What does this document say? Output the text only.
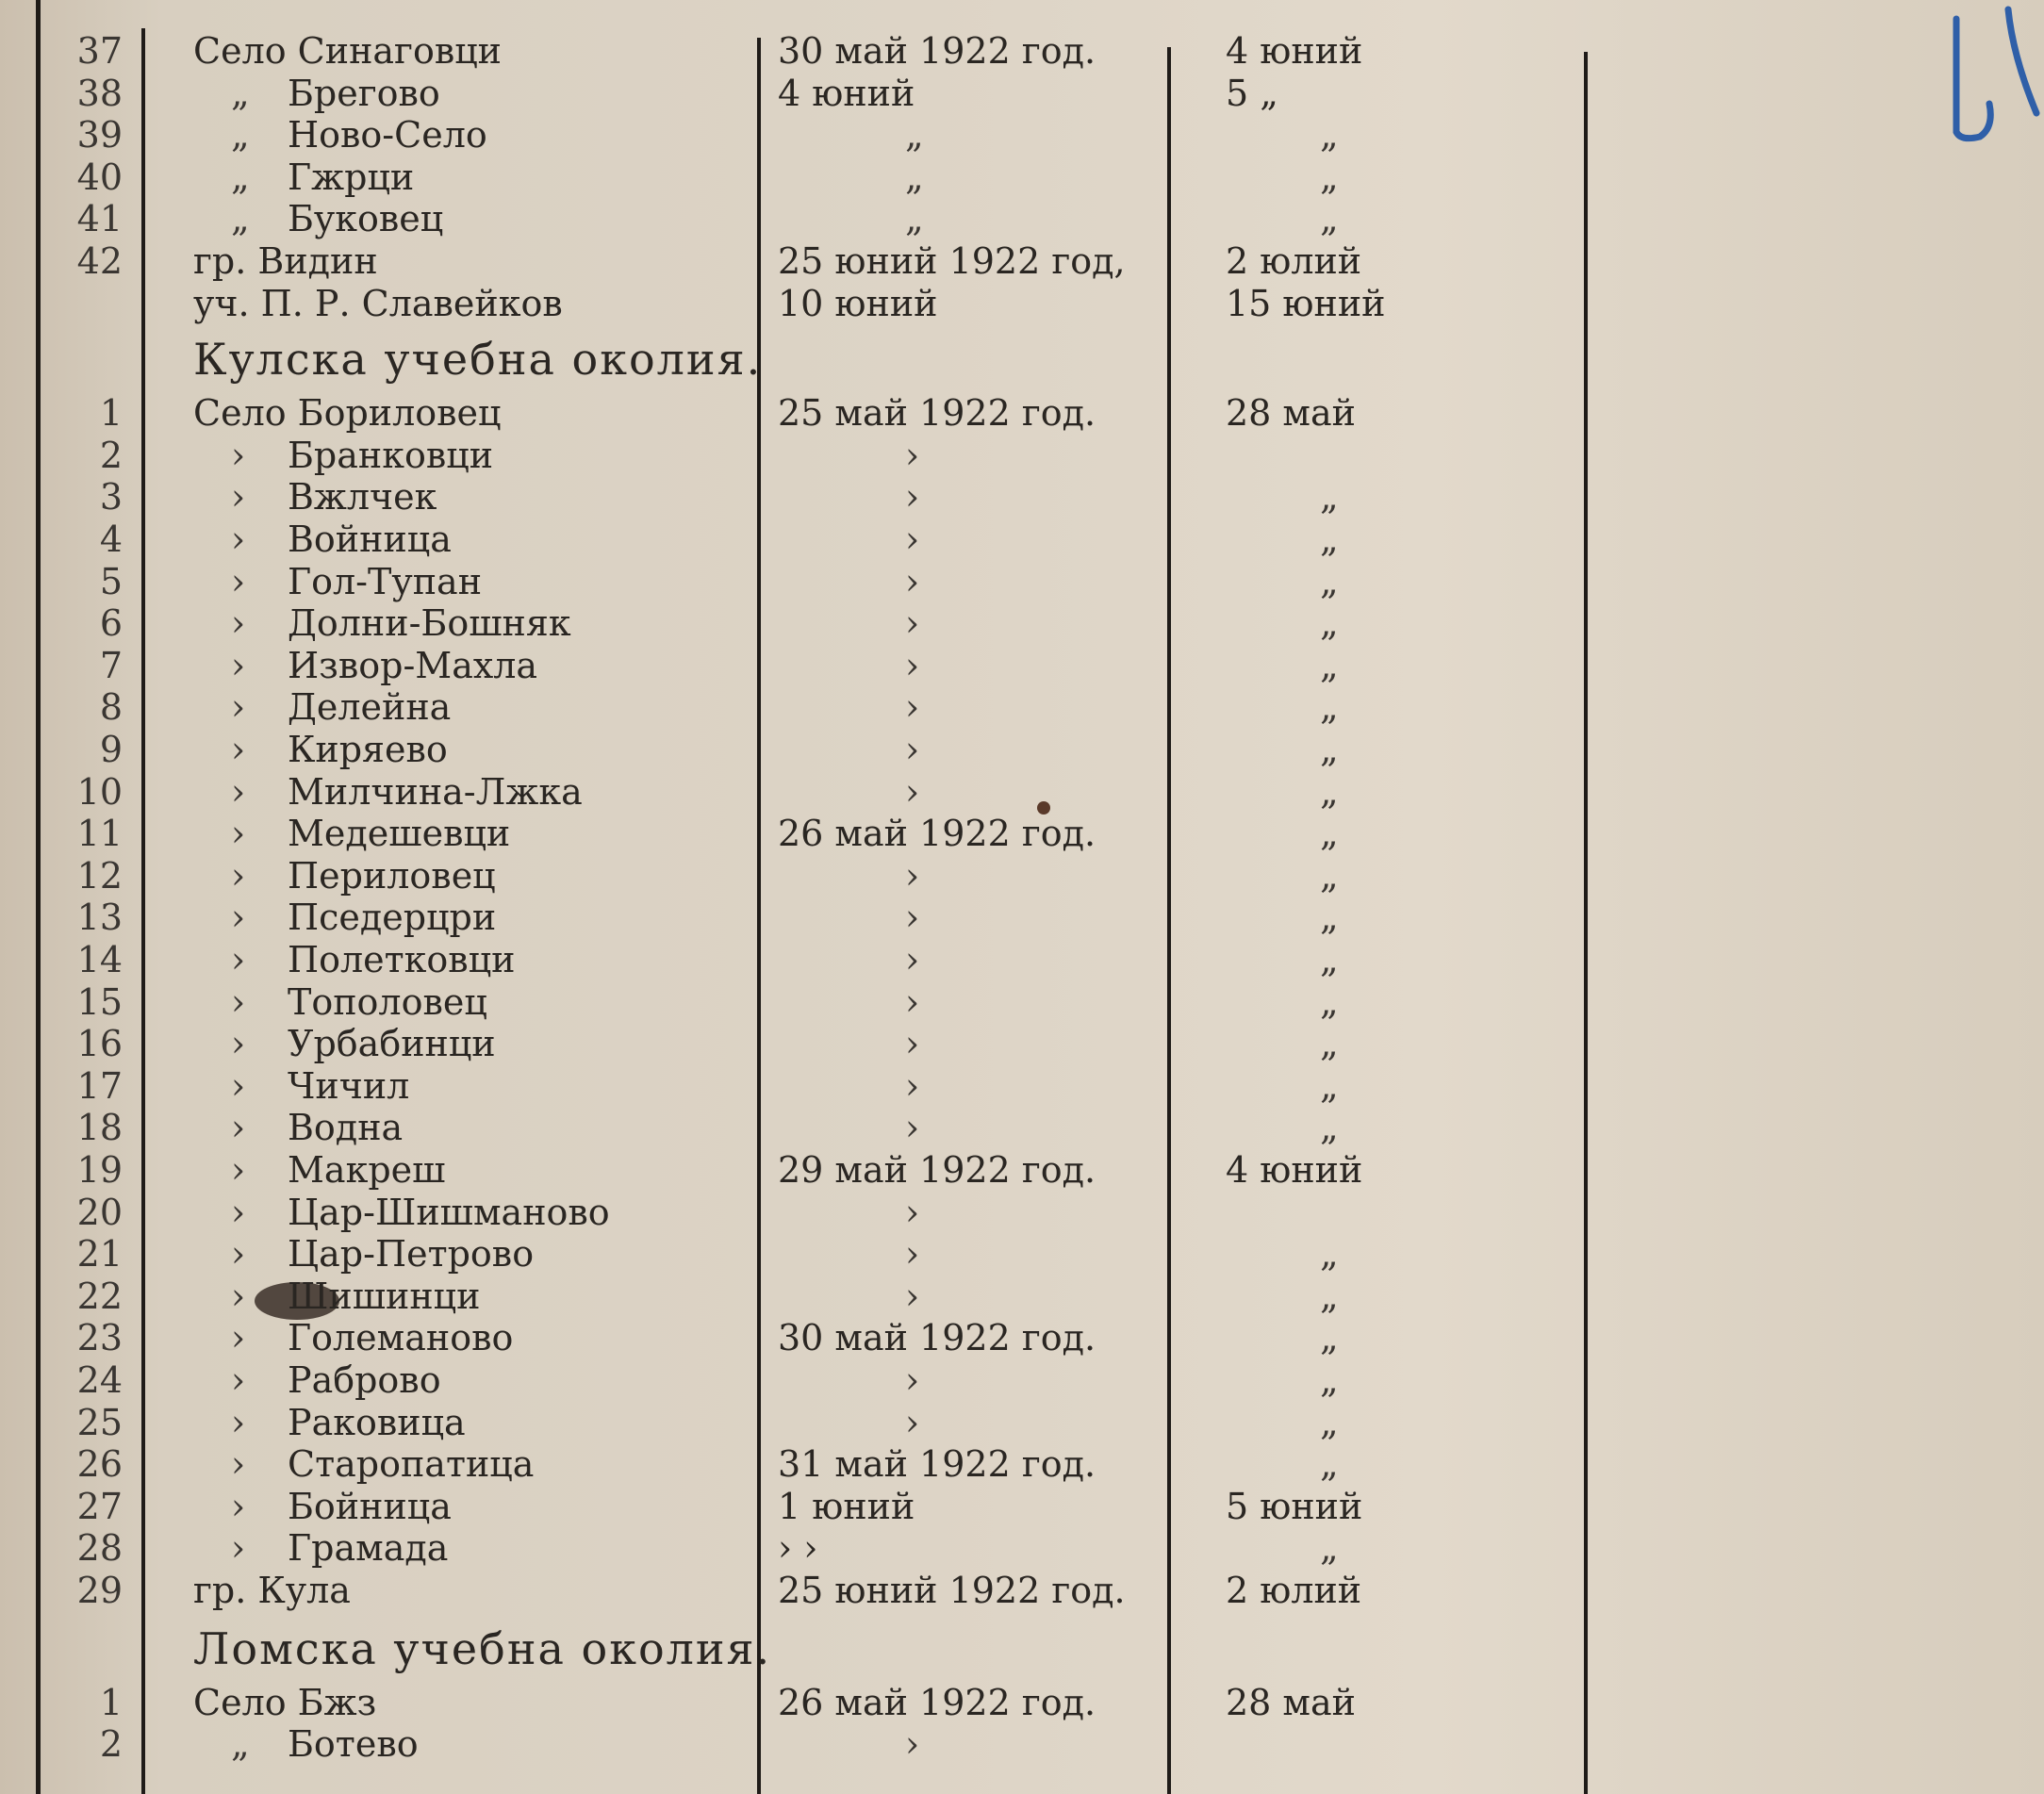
37 Село Синаговци	30 май 1922 год.	4 юний
38	„ Брегово	4 юний	5 „
39	„ Ново-Село	„	„
40	„ Гжрци	„	„
41	„ Буковец	„	„
42 гр. Видин	25 юний 1922 год,	2 юлий
уч. П. Р. Славейков	10 юний	15 юний
Кулска учебна околия.
1 Село Бориловец	25 май 1922 год.	28 май
2	› Бранковци	›
3	› Вжлчек	›	„
4	› Войница	›	„
5	› Гол-Тупан	›	„
6	› Долни-Бошняк	›	„
7	› Извор-Махла	›	„
8	› Делейна	›	„
9	› Киряево	›	„
10	› Милчина-Лжка	›	„
11	› Медешевци	26 май 1922 год.	„
12	› Периловец	›	„
13	› Пседерцри	›	„
14	› Полетковци	›	„
15	› Тополовец	›	„
16	› Урбабинци	›	„
17	› Чичил	›	„
18	› Водна	›	„
19	› Макреш	29 май 1922 год.	4 юний
20	› Цар-Шишманово	›
21	› Цар-Петрово	›	„
22	› Шишинци	›	„
23	› Големаново	30 май 1922 год.	„
24	› Раброво	›	„
25	› Раковица	›	„
26	› Старопатица	31 май 1922 год.	„
27	› Бойница	1 юний	5 юний
28	› Грамада	› ›	„
29 гр. Кула	25 юний 1922 год.	2 юлий
Ломска учебна околия.
1 Село Бжз	26 май 1922 год.	28 май
2	„ Ботево	›
